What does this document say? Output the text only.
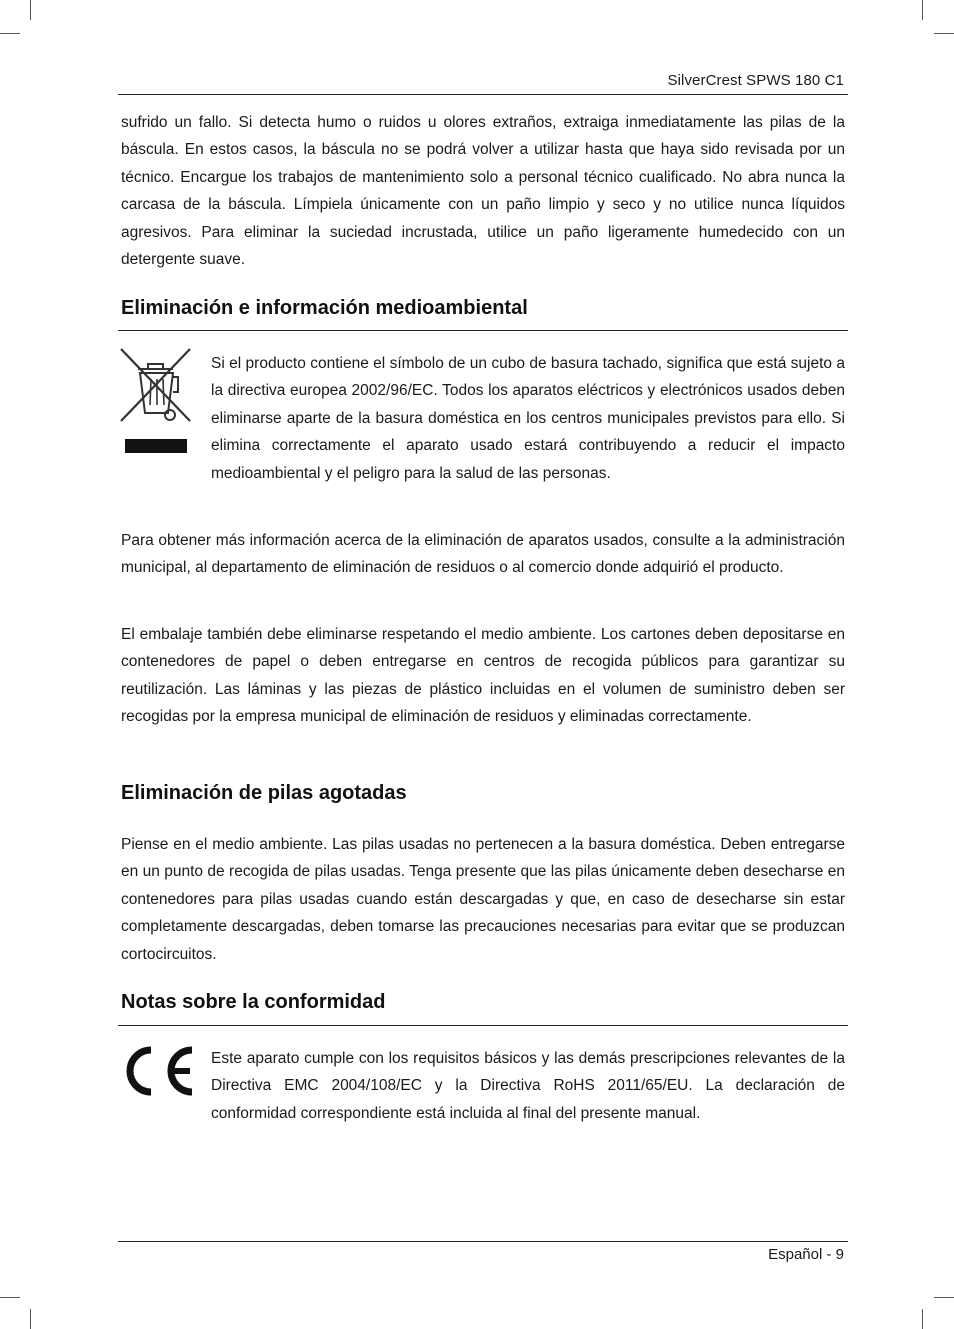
SilverCrest SPWS 180 C1

sufrido un fallo. Si detecta humo o ruidos u olores extraños, extraiga inmediatamente las pilas de la báscula. En estos casos, la báscula no se podrá volver a utilizar hasta que haya sido revisada por un técnico. Encargue los trabajos de mantenimiento solo a personal técnico cualificado. No abra nunca la carcasa de la báscula. Límpiela únicamente con un paño limpio y seco y no utilice nunca líquidos agresivos. Para eliminar la suciedad incrustada, utilice un paño ligeramente humedecido con un detergente suave.

Eliminación e información medioambiental

Si el producto contiene el símbolo de un cubo de basura tachado, significa que está sujeto a la directiva europea 2002/96/EC. Todos los aparatos eléctricos y electrónicos usados deben eliminarse aparte de la basura doméstica en los centros municipales previstos para ello. Si elimina correctamente el aparato usado estará contribuyendo a reducir el impacto medioambiental y el peligro para la salud de las personas.

Para obtener más información acerca de la eliminación de aparatos usados, consulte a la administración municipal, al departamento de eliminación de residuos o al comercio donde adquirió el producto.

El embalaje también debe eliminarse respetando el medio ambiente. Los cartones deben depositarse en contenedores de papel o deben entregarse en centros de recogida públicos para garantizar su reutilización. Las láminas y las piezas de plástico incluidas en el volumen de suministro deben ser recogidas por la empresa municipal de eliminación de residuos y eliminadas correctamente.

Eliminación de pilas agotadas

Piense en el medio ambiente. Las pilas usadas no pertenecen a la basura doméstica. Deben entregarse en un punto de recogida de pilas usadas. Tenga presente que las pilas únicamente deben desecharse en contenedores para pilas usadas cuando están descargadas y que, en caso de desecharse sin estar completamente descargadas, deben tomarse las precauciones necesarias para evitar que se produzcan cortocircuitos.

Notas sobre la conformidad

Este aparato cumple con los requisitos básicos y las demás prescripciones relevantes de la Directiva EMC 2004/108/EC y la Directiva RoHS 2011/65/EU. La declaración de conformidad correspondiente está incluida al final del presente manual.

Español - 9
